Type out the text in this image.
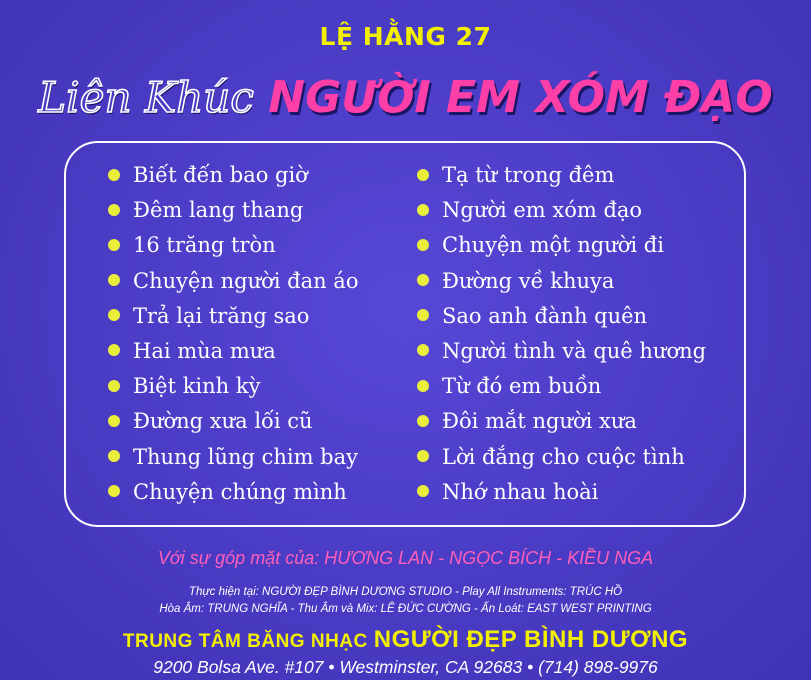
LỆ HẰNG 27
Liên Khúc NGƯỜI EM XÓM ĐẠO
Biết đến bao giờ
Đêm lang thang
16 trăng tròn
Chuyện người đan áo
Trả lại trăng sao
Hai mùa mưa
Biệt kinh kỳ
Đường xưa lối cũ
Thung lũng chim bay
Chuyện chúng mình
Tạ từ trong đêm
Người em xóm đạo
Chuyện một người đi
Đường về khuya
Sao anh đành quên
Người tình và quê hương
Từ đó em buồn
Đôi mắt người xưa
Lời đắng cho cuộc tình
Nhớ nhau hoài
Với sự góp mặt của: HƯƠNG LAN - NGỌC BÍCH - KIỀU NGA
Thực hiện tại: NGƯỜI ĐẸP BÌNH DƯƠNG STUDIO - Play All Instruments: TRÚC HỒ
Hòa Âm: TRUNG NGHĨA - Thu Âm và Mix: LÊ ĐỨC CƯỜNG - Ấn Loát: EAST WEST PRINTING
TRUNG TÂM BĂNG NHẠC NGƯỜI ĐẸP BÌNH DƯƠNG
9200 Bolsa Ave. #107 • Westminster, CA 92683 • (714) 898-9976
